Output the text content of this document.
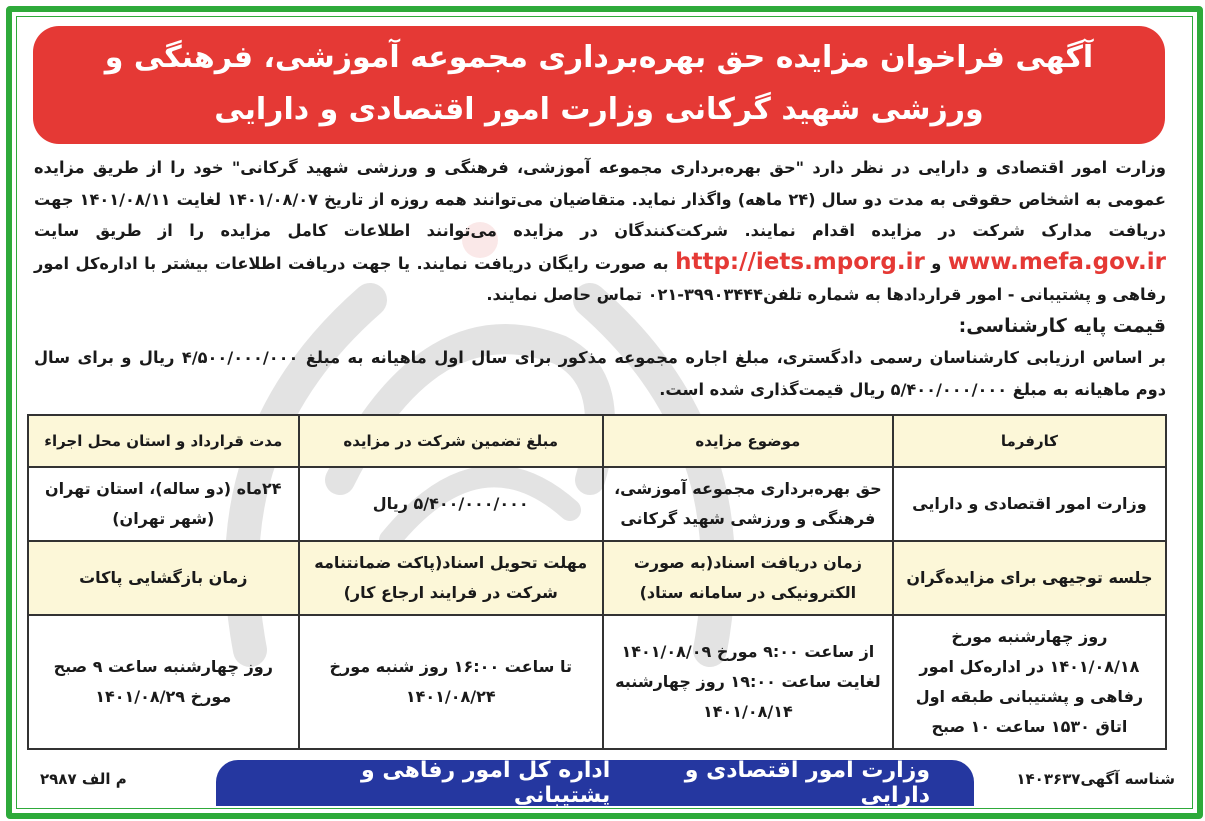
آگهی فراخوان مزایده حق بهره‌برداری مجموعه آموزشی، فرهنگی و
ورزشی شهید گرکانی وزارت امور اقتصادی و دارایی

وزارت امور اقتصادی و دارایی در نظر دارد "حق بهره‌برداری مجموعه آموزشی، فرهنگی و ورزشی شهید گرکانی" خود را از طریق مزایده عمومی به اشخاص حقوقی به مدت دو سال (۲۴ ماهه) واگذار نماید. متقاضیان می‌توانند همه روزه از تاریخ ۱۴۰۱/۰۸/۰۷ لغایت ۱۴۰۱/۰۸/۱۱ جهت دریافت مدارک شرکت در مزایده اقدام نمایند. شرکت‌کنندگان در مزایده می‌توانند اطلاعات کامل مزایده را از طریق سایت www.mefa.gov.ir و http://iets.mporg.ir به صورت رایگان دریافت نمایند. یا جهت دریافت اطلاعات بیشتر با اداره‌کل امور رفاهی و پشتیبانی - امور قراردادها به شماره تلفن۳۹۹۰۳۴۴۴-۰۲۱ تماس حاصل نمایند.

قیمت پایه کارشناسی:

بر اساس ارزیابی کارشناسان رسمی دادگستری، مبلغ اجاره مجموعه مذکور برای سال اول ماهیانه به مبلغ ۴/۵۰۰/۰۰۰/۰۰۰ ریال و برای سال دوم ماهیانه به مبلغ ۵/۴۰۰/۰۰۰/۰۰۰ ریال قیمت‌گذاری شده است.

کارفرما	موضوع مزایده	مبلغ تضمین شرکت در مزایده	مدت قرارداد و استان محل اجراء
وزارت امور اقتصادی و دارایی	حق بهره‌برداری مجموعه آموزشی، فرهنگی و ورزشی شهید گرکانی	۵/۴۰۰/۰۰۰/۰۰۰ ریال	۲۴ماه (دو ساله)، استان تهران (شهر تهران)
جلسه توجیهی برای مزایده‌گران	زمان دریافت اسناد(به صورت الکترونیکی در سامانه ستاد)	مهلت تحویل اسناد(پاکت ضمانتنامه شرکت در فرایند ارجاع کار)	زمان بازگشایی پاکات
روز چهارشنبه مورخ ۱۴۰۱/۰۸/۱۸ در اداره‌کل امور رفاهی و پشتیبانی طبقه اول اتاق ۱۵۳۰ ساعت ۱۰ صبح	از ساعت ۹:۰۰ مورخ ۱۴۰۱/۰۸/۰۹ لغایت ساعت ۱۹:۰۰ روز چهارشنبه ۱۴۰۱/۰۸/۱۴	تا ساعت ۱۶:۰۰ روز شنبه مورخ ۱۴۰۱/۰۸/۲۴	روز چهارشنبه ساعت ۹ صبح مورخ ۱۴۰۱/۰۸/۲۹
شناسه آگهی۱۴۰۳۶۳۷
وزارت امور اقتصادی و دارایی
اداره کل امور رفاهی و پشتیبانی
م الف ۲۹۸۷
